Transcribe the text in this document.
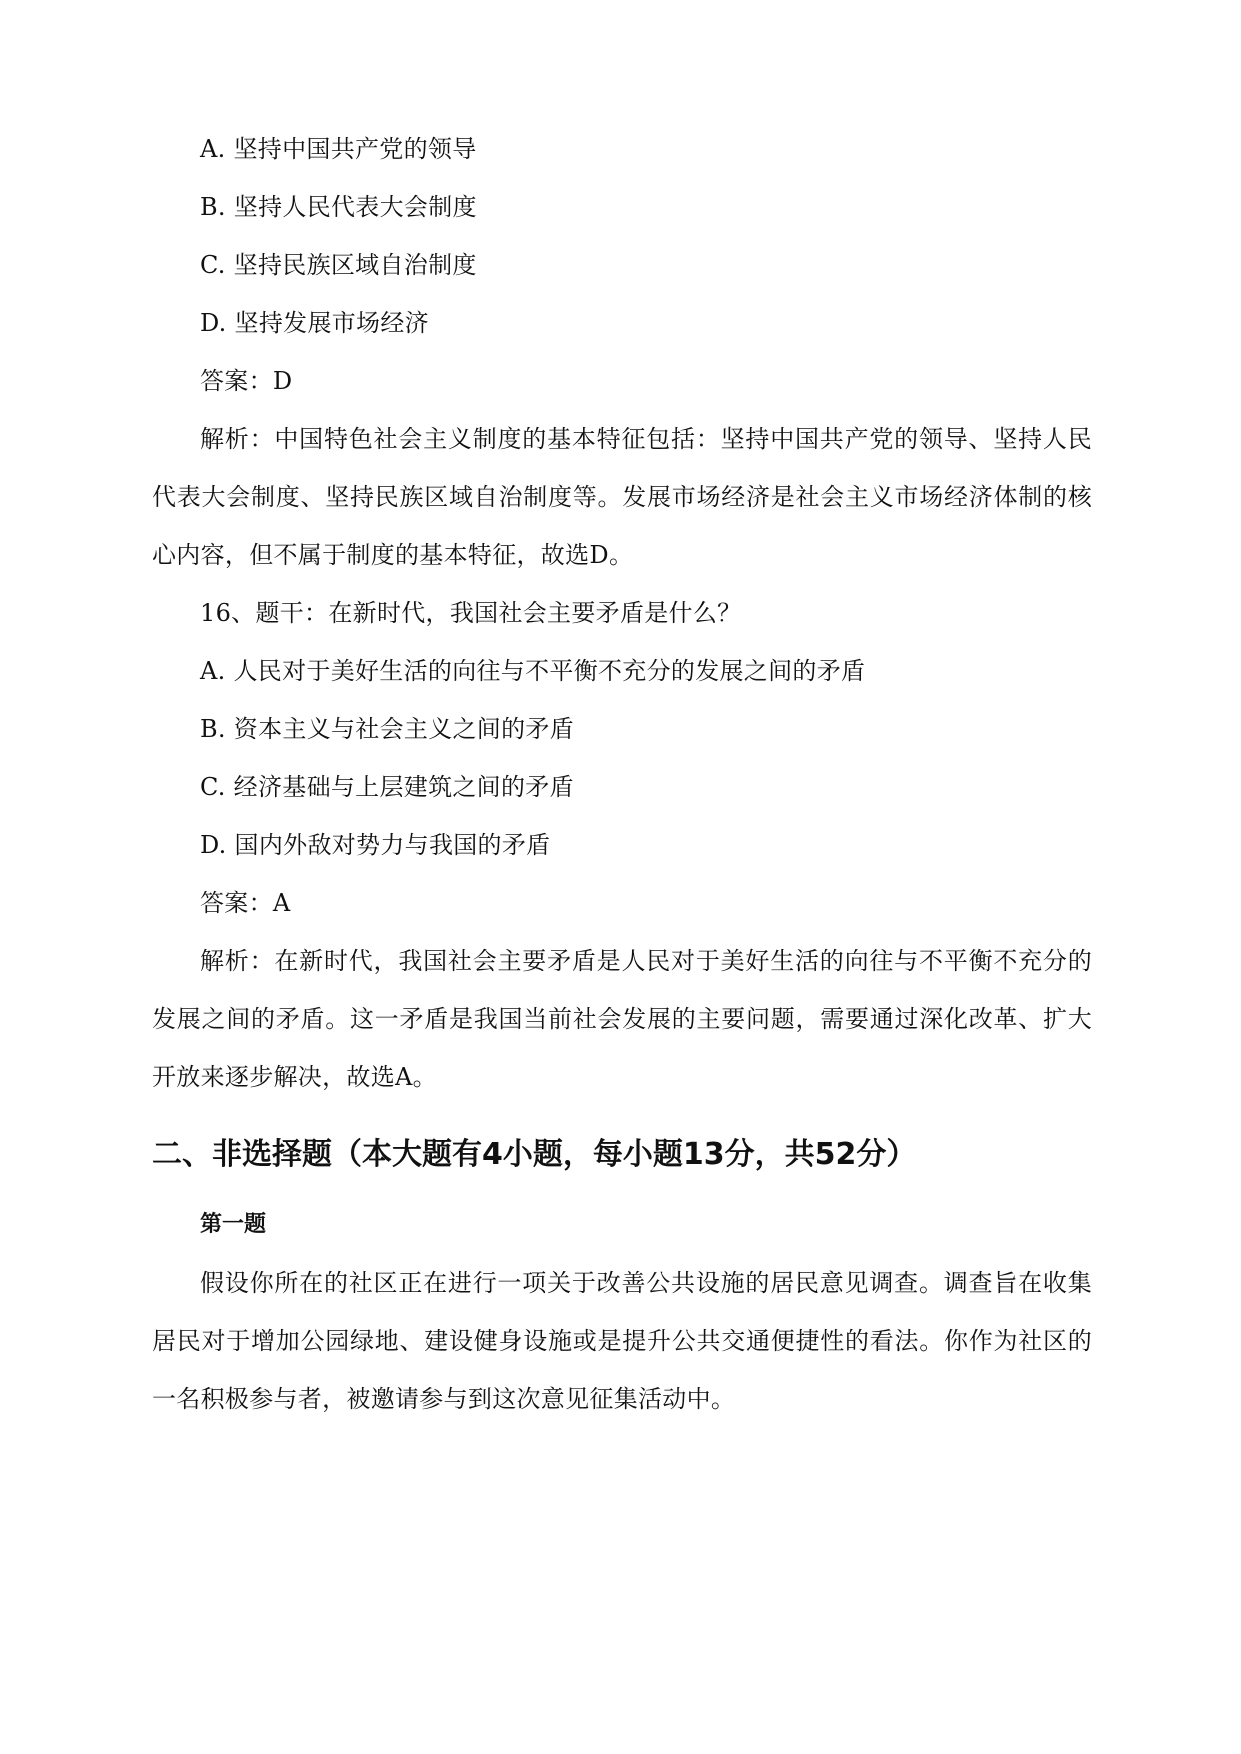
A. 坚持中国共产党的领导
B. 坚持人民代表大会制度
C. 坚持民族区域自治制度
D. 坚持发展市场经济
答案：D
解析：中国特色社会主义制度的基本特征包括：坚持中国共产党的领导、坚持人民
代表大会制度、坚持民族区域自治制度等。发展市场经济是社会主义市场经济体制的核
心内容，但不属于制度的基本特征，故选D。
16、题干：在新时代，我国社会主要矛盾是什么？
A. 人民对于美好生活的向往与不平衡不充分的发展之间的矛盾
B. 资本主义与社会主义之间的矛盾
C. 经济基础与上层建筑之间的矛盾
D. 国内外敌对势力与我国的矛盾
答案：A
解析：在新时代，我国社会主要矛盾是人民对于美好生活的向往与不平衡不充分的
发展之间的矛盾。这一矛盾是我国当前社会发展的主要问题，需要通过深化改革、扩大
开放来逐步解决，故选A。
二、非选择题（本大题有4小题，每小题13分，共52分）
第一题
假设你所在的社区正在进行一项关于改善公共设施的居民意见调查。调查旨在收集
居民对于增加公园绿地、建设健身设施或是提升公共交通便捷性的看法。你作为社区的
一名积极参与者，被邀请参与到这次意见征集活动中。
